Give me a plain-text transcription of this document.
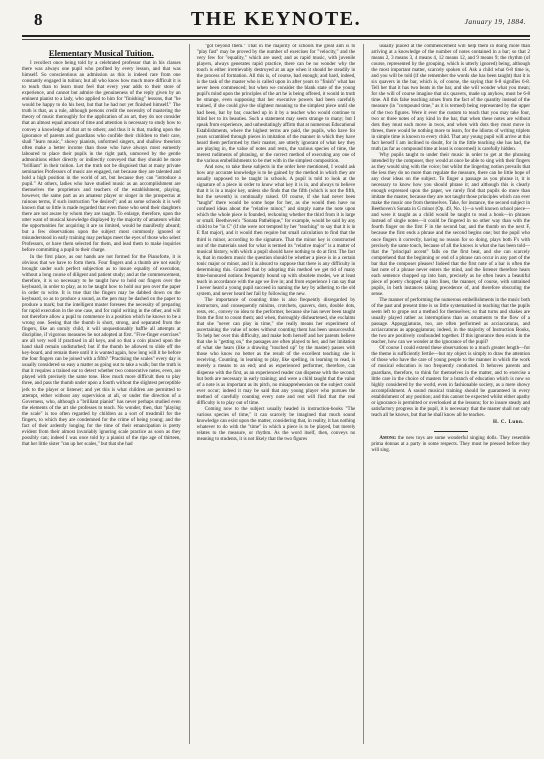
8	THE KEYNOTE.	January 19, 1884.
Elementary Musical Tuition.

I recollect once being told by a celebrated professor that in his classes there was always one pupil who profited by every lesson, and that was himself. So conscientious an admission as this is indeed rare from one constantly engaged in tuition; but all who know how much more difficult it is to teach than to learn must feel that every year adds to their store of experience, and cannot but admire the genuineness of the reply given by an eminent pianist to a lady, who applied to him for "finishing" lessons, that "he would be happy to do his best, but that he had not yet finished himself." The truth is that, as a rule, although persons credit the necessity of mastering the theory of music thoroughly for the application of an art, they do not consider that an almost equal amount of time and attention is necessary to study how to convey a knowledge of that art to others; and thus it is that, trading upon the ignorance of parents and guardians who confide their children to their care, shall "learn music," showy pianists, unformed singers, and shallow theorists often make a better income than those who have always most earnestly laboured to place their pupils in the right path, unmoved by the gentle admonitions either directly or indirectly conveyed that they should be more "brilliant" in their tuition. Let the truth not be disguised that at many private seminaries Professors of music are engaged, not because they are talented and hold a high position in the world of art, but because they can "introduce a pupil." At others, ladies who have studied music as an accomplishment are themselves the proprietors and teachers of the establishment, playing, however, the same part as an amateur player or singer in the prospectus at ruinous terms, if such instruction "be desired"; and as some schools it is well known that so little is made regarded that even those who send their daughters there are not aware by whom they are taught. To enlarge, therefore, upon the utter want of musical knowledge displayed by the majority of amateurs whilst the opportunities for acquiring it are so limited, would be manifestly absurd; but a few observations upon the subject most commonly ignored or misunderstood in early training may perhaps meet the eyes of those who select Professors, or have them selected for them, and lead them to make inquiries before committing a pupil to their charge.

In the first place, as our hands are not formed for the Pianoforte, it is obvious that we have to form them. Four fingers and a thumb are not easily brought under such perfect subjection as to insure equality of execution, without a long course of diligent and patient study; and at the commencement, therefore, it is so necessary to be taught how to hold our fingers over the keyboard, in order to play, as to be taught how to hold our pen over the paper in order to write. It is true that the fingers may be dabbed down on the keyboard, so as to produce a sound, as the pen may be dashed on the paper to produce a mark; but the intelligent master foresees the necessity of preparing for rapid execution in the one case, and for rapid writing in the other, and will not therefore allow a pupil to commence in a position which he knows to be a wrong one. Seeing that the thumb is short, strong, and separated from the fingers, like an unruly child, it will unquestionably baffle all attempts at discipline, if vigorous measures be not adopted at first. "Five-finger exercises" are all very well if practised in all keys, and so that a coin placed upon the hand shall remain undisturbed; but if the thumb be allowed to slide off the key-board, and remain there until it is wanted again, how long will it be before the four fingers can be joined with a fifth? "Practising the scales" every day is usually considered so easy a matter as going out to take a walk; but the truth is that it requires a trained ear to detect whether two consecutive notes, even, are played with precisely the same tone. How much more difficult then to play three, and pass the thumb under upon a fourth without the slightest perceptible jerk to the player or listener; and yet this is what children are permitted to attempt, either without any supervision at all, or under the direction of a Governess, who, although a "brilliant pianist" has never perhaps studied even the elements of the art she professes to teach. No wonder, then, that "playing the scale" is too often regarded by children as a sort of treadmill for the fingers, to which they are condemned for the crime of being young; and the fact of their ardently longing for the time of their emancipation is pretty evident from their almost invariably ignoring scale practice as soon as they possibly can; indeed I was once told by a pianist of the ripe age of thirteen, that her little sister "ran up her scales," but that she had

"got beyond them." That in the majority of schools the great aim is to "play fast" may be proved by the number of exercises for "velocity," and the very few for "equality," which are used; and as rapid music, with juvenile players, always generates rapid practice, there can be no wonder why the touch is either irretrievably destroyed at an age when it should be steadily in the process of formation. All this is, of course, bad enough; and hard, indeed, is the task of the master who is called upon in after years to "finish" what has never been commenced; but when we consider the blank state of the young pupil's mind upon the principles of the art he is being offered, it would in truth be strange, even supposing that her executive powers had been carefully trained, if she could give the slightest meaning to the simplest piece until she had been, bar by bar, coached up in it by a teacher who would continue to blind her to its beauties. Such a statement may seem strange to many; but I speak from experience, and unhesitatingly affirm that at numerous Educational Establishments, where the highest terms are paid, the pupils, who have for years scrambled through pieces in imitation of the manner in which they have heard them performed by their master, are utterly ignorant of what key they are playing in, the value of notes and rests, the various species of time, the merest rudiments of phrasing, or the correct method of executing any one of the various embellishments to be met with in the simplest composition.

And now, to take these subjects in the order here mentioned, I would ask how any accurate knowledge is to be gained by the method in which they are usually supposed to be taught in schools. A pupil is told to look at the signature of a piece in order to know what key it is in, and always to believe that it is in a major key, unless she finds that the fifth (which is not the fifth, but the seventh) is continually raised. Of course, if she had never been "taught" there would be some hope for her, as she would then have no confused ideas about the "relative minor," and simply name the note upon which the whole piece is founded, reckoning whether the third from it is large or small. Beethoven's "Sonata Pathétique," for example, would be said by any child to be "in C" (if she were not tempted by her "teaching" to say that it is in E flat major), and it would then require but small calculation to find that the third is minor, according to the signature. That the minor key is constructed out of the materials used for what is termed its "relative major" is a matter of musical history, with which a pupil should have nothing to do at first. The fact is, that in modern music the question should be whether a piece is in a certain tonic major or minor, and it is absurd to suppose that there is any difficulty in determining this. Granted that by adopting this method we get rid of many time-honoured notions frequently bound up with obsolete modes, we at least teach in accordance with the age we live in; and from experience I can say that I never heard a young pupil succeed in naming the key by adhering to the old system, and never heard her fail by following the new.

The importance of counting time is also frequently disregarded by instructors, and consequently minims, crotchets, quavers, dots, double dots, rests, etc., convey no idea to the performer, because she has never been taught from the first to count them; and when, thoroughly disheartened, she exclaims that she "never can play in time," she really means her experiment of ascertaining the value of notes without counting them has been unsuccessful. To help her over this difficulty, and make both herself and her parents believe that she is "getting on," the passages are often played to her, and her imitation of what she hears (like a drawing "touched up" by the master) passes with those who know no better as the result of the excellent teaching she is receiving. Counting, in learning to play, like spelling, in learning to read, is merely a means to an end; and as experienced performer, therefore, can dispense with the first, as an experienced reader can dispense with the second; but both are necessary in early training; and were a child taught that the value of a note is as important as its pitch, no misapprehension on the subject could ever occur; indeed it may be said that any young player who pursues the method of carefully counting every note and rest will find that the real difficulty is to play out of time.

Coming now to the subject usually headed in instruction-books "The various species of time," it can scarcely be imagined that much sound knowledge can exist upon the matter, considering that, in reality, it has nothing whatever to do with the "time" in which a piece is to be played, but merely relates to the measure, or rhythm. As the word itself, then, conveys no meaning to students, it is not likely that the two figures

usually placed at the commencement will help them in doing more than arriving at a knowledge of the number of notes contained in a bar; so that 2 means 2, 3 means 3, 4 means 4, 12 means 12, and 9 means 9; the rhythm (of course, represented by the grouping, which is utterly ignored) being, although the most important matter, scarcely spoken of. Ask a child what 6-8 time is, and you will be told (if she remember the words she has been taught) that it is six quavers in the bar, which is, of course, the saying that 6-8 signifies 6-8. Tell her that it has two beats in the bar, and she will wonder what you mean; for she will of course imagine that six quavers, made up anyhow, must be 6-8 time. All this false teaching arises from the fact of the quantity instead of the measure (in "compound time," as it is termed) being represented by the upper of the two figures. Were it ever the custom to teach that you may take four, two or three notes of any kind in the bar, that when these notes are without dots they must each move in twos, and when with dots they must move in threes, there would be nothing more to learn, for the idioms of writing triplets in simple time is known to every child. That any young pupil will arrive at this fact herself I am inclined to doubt, for in the little teaching she has had, the truth (as far as compound time at least is concerned) is carefully hidden.

Why pupils taught to under their music in order to get at the phrasing intended by the composer, they would at once be able to sing with their fingers as they would sing with the voice; but whilst the lingering notion prevails that the less they do no more than regulate the measure, there can be little hope of any clear ideas on the subject. To finger a passage as you phrase it, it is necessary to know how you should phrase it; and although this is clearly enough expressed upon the paper, we rarely find that pupils do more than imitate the master, because they are not taught those principles which can ever make the music one from themselves. Take, for instance, the second subject in Beethoven's Sonata in G minor (Op. 49, No. 1)—a well known school piece—and were it taught as a child would be taught to read a book—in phrases instead of single notes—it could be fingered in no other way than with the fourth finger on the first F in the second bar, and the thumb on the next F, because the first ends a phrase and the second begins one; but the pupil who once fingers it correctly, having no reason for so doing, plays both F's with precisely the same touch, because of all the knows is what she has been told—that the "principal accent" falls on the first beat, and she can scarcely comprehend that the beginning or end of a phrase can occur in any part of the bar that the composer pleases! Indeed that the first note of a bar is often the last note of a phrase never enters the mind, and the listener therefore hears each sentence chopped up into bars, precisely as he often hears a beautiful piece of poetry chopped up into lines, the manner, of course, with untrained pupils, in both instances taking precedence of, and therefore obscuring the sense.

The manner of performing the numerous embellishments in the music both of the past and present time is so little systematised in teaching that the pupils seem left to grope out a method for themselves; so that turns and shakes are usually played rather as interruptions than as ornaments to the flow of a passage. Appoggiaturas, too, are often performed as acciaccaturas, and acciaccaturas as appoggiaturas; indeed, in the majority of Instruction Books, the two are positively confounded together. If this ignorance then exists in the teacher, how can we wonder at the ignorance of the pupil?

Of course I could extend these observations to a much greater length—for the theme is sufficiently fertile—but my object is simply to draw the attention of those who have the care of young people to the manner in which the work of musical education is too frequently conducted. It behoves parents and guardians, therefore, to think for themselves in the matter, and to exercise a little care in the choice of masters for a branch of education which is now so highly considered by the world, even in fashionable society, as a mere showy accomplishment. A sound musical training should be guaranteed in every establishment of any position; and this cannot be expected whilst either apathy or ignorance is permitted or overlooked at the lessons; for to insure steady and satisfactory progress in the pupil, it is necessary that the master shall not only teach all he knows, but that he shall know all he teaches.

H. C. Lunn.

Among the new toys are some wonderful singing dolls. They resemble prima donnas at a party in some respects. They must be pressed before they will sing.
